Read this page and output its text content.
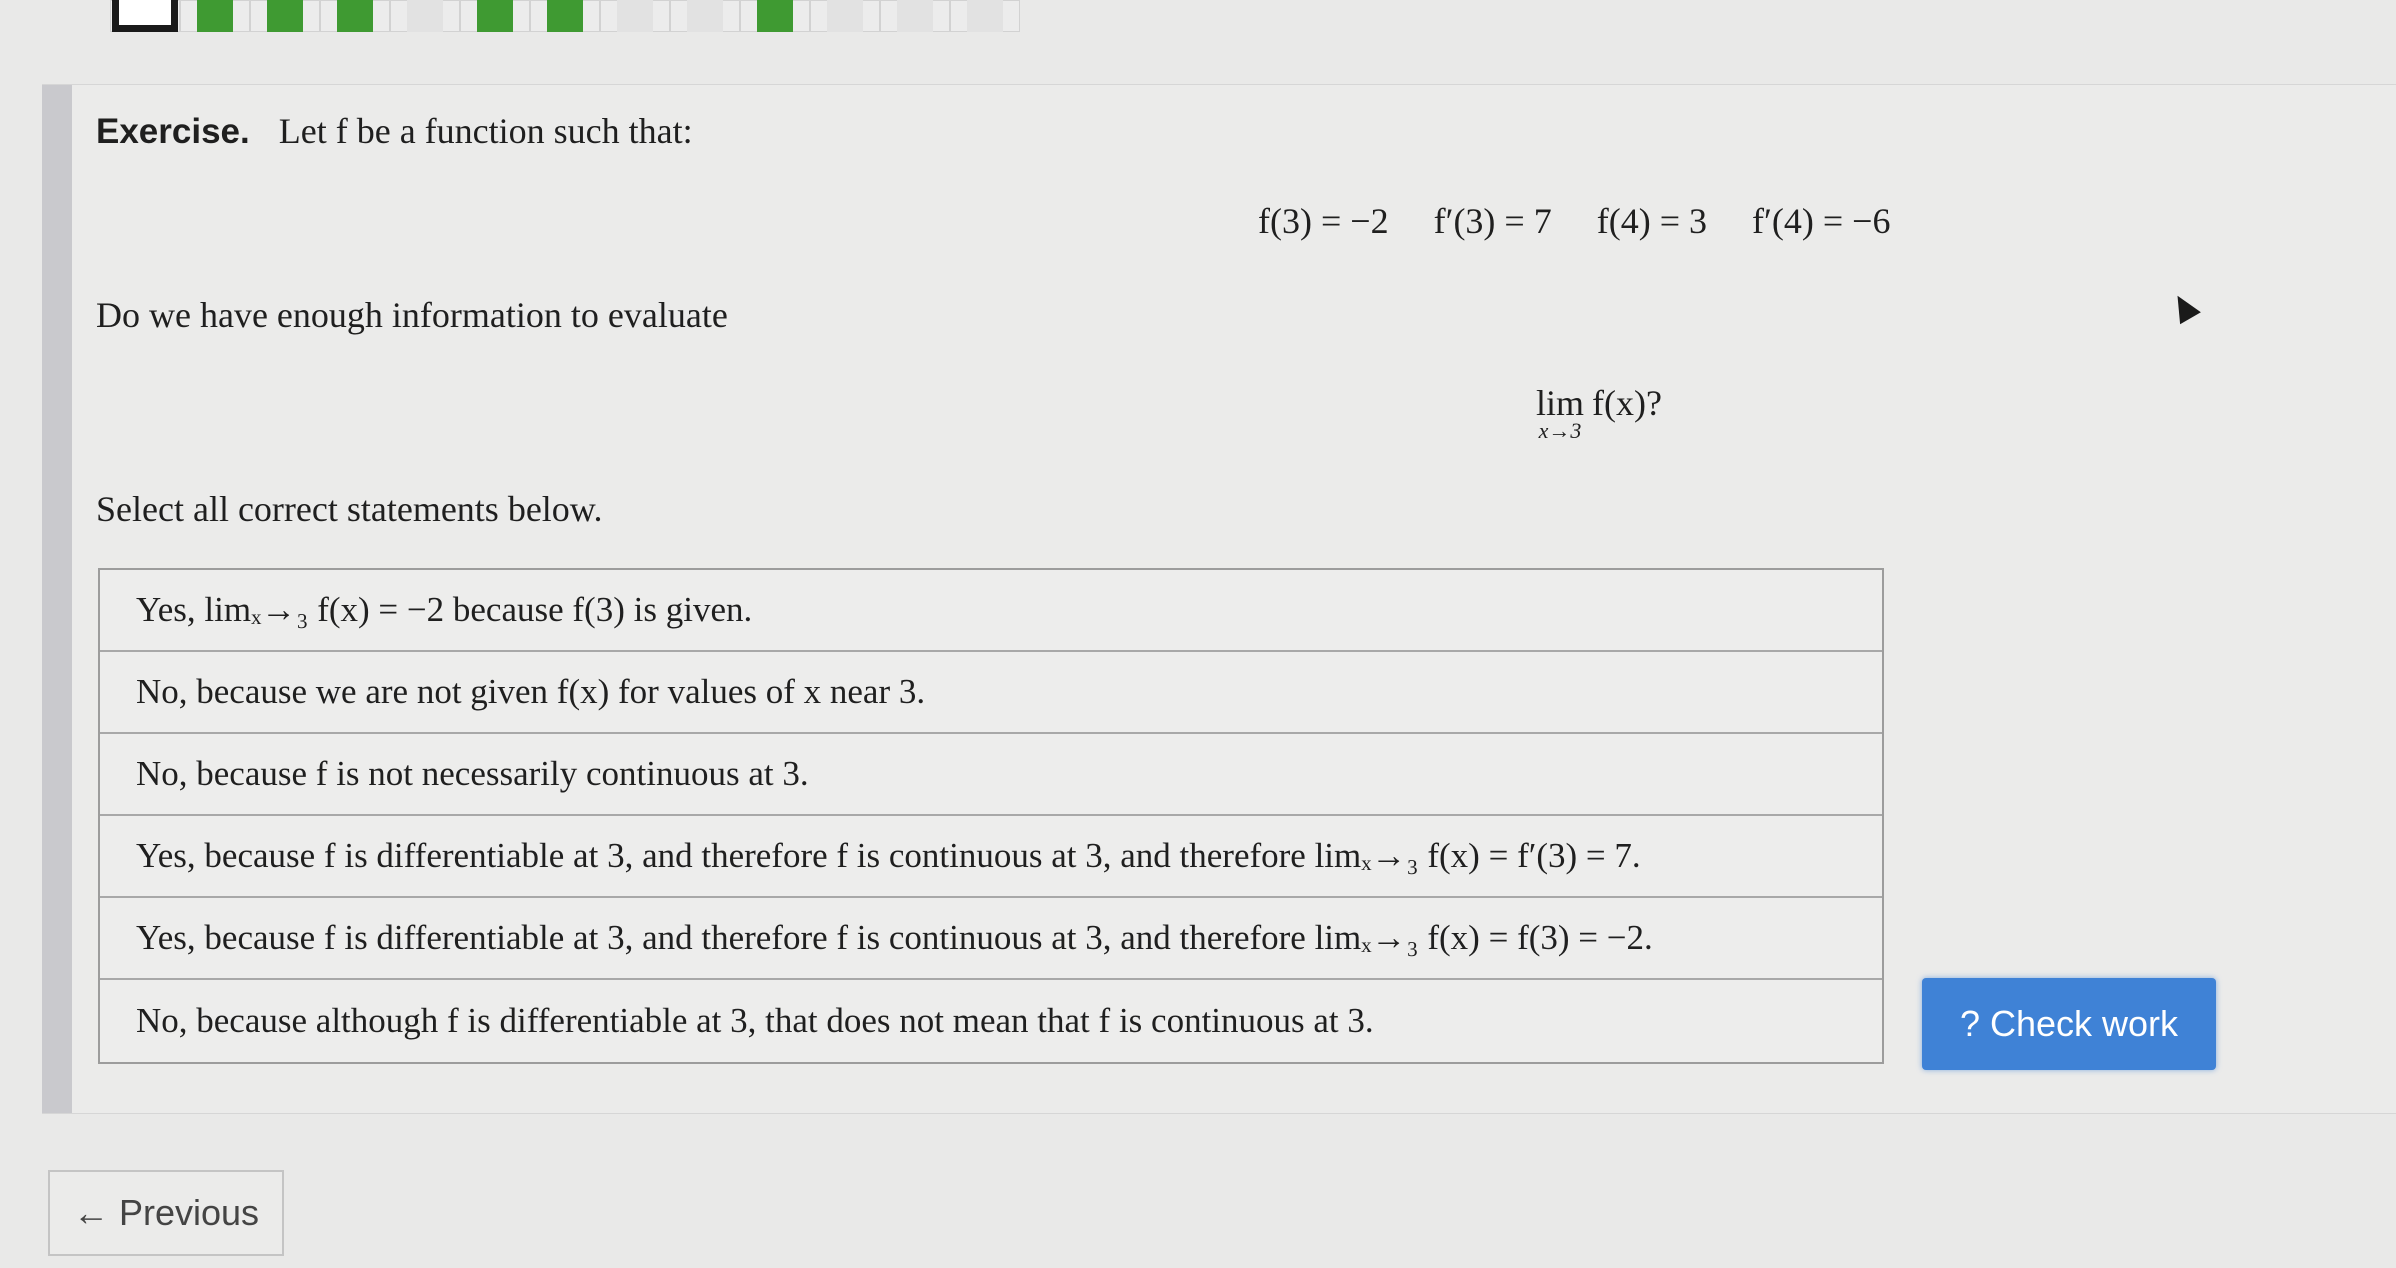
Exercise. Let f be a function such that:
f(3) = −2 f′(3) = 7 f(4) = 3 f′(4) = −6
Do we have enough information to evaluate
lim
x→3
f(x)?
Select all correct statements below.
Yes, limₓ→₃ f(x) = −2 because f(3) is given.
No, because we are not given f(x) for values of x near 3.
No, because f is not necessarily continuous at 3.
Yes, because f is differentiable at 3, and therefore f is continuous at 3, and therefore limₓ→₃ f(x) = f′(3) = 7.
Yes, because f is differentiable at 3, and therefore f is continuous at 3, and therefore limₓ→₃ f(x) = f(3) = −2.
No, because although f is differentiable at 3, that does not mean that f is continuous at 3.	? Check work
← Previous
